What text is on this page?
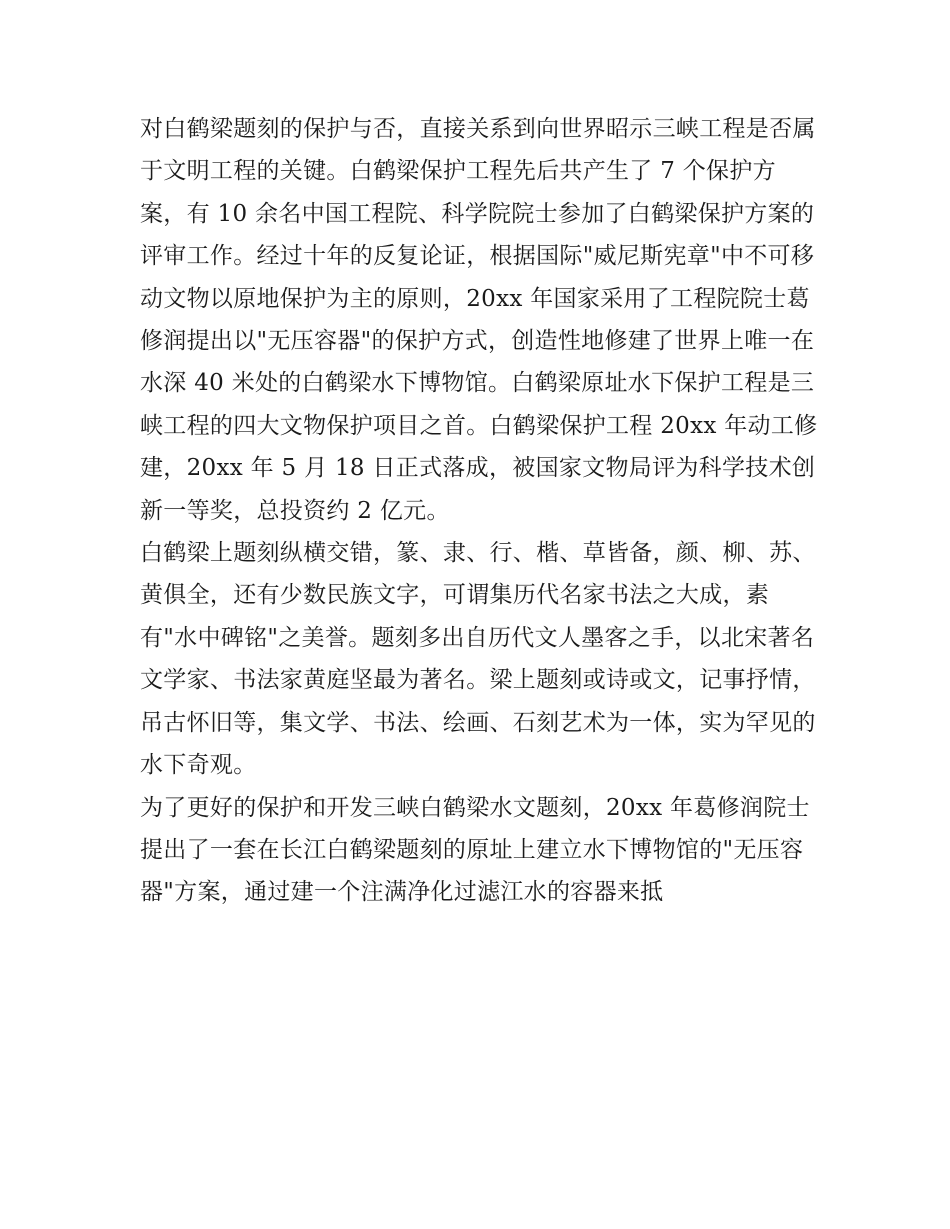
对白鹤梁题刻的保护与否，直接关系到向世界昭示三峡工程是否属于文明工程的关键。白鹤梁保护工程先后共产生了 7 个保护方案，有 10 余名中国工程院、科学院院士参加了白鹤梁保护方案的评审工作。经过十年的反复论证，根据国际"威尼斯宪章"中不可移动文物以原地保护为主的原则，20xx 年国家采用了工程院院士葛修润提出以"无压容器"的保护方式，创造性地修建了世界上唯一在水深 40 米处的白鹤梁水下博物馆。白鹤梁原址水下保护工程是三峡工程的四大文物保护项目之首。白鹤梁保护工程 20xx 年动工修建，20xx 年 5 月 18 日正式落成，被国家文物局评为科学技术创新一等奖，总投资约 2 亿元。

白鹤梁上题刻纵横交错，篆、隶、行、楷、草皆备，颜、柳、苏、黄俱全，还有少数民族文字，可谓集历代名家书法之大成，素有"水中碑铭"之美誉。题刻多出自历代文人墨客之手，以北宋著名文学家、书法家黄庭坚最为著名。梁上题刻或诗或文，记事抒情，吊古怀旧等，集文学、书法、绘画、石刻艺术为一体，实为罕见的水下奇观。

为了更好的保护和开发三峡白鹤梁水文题刻，20xx 年葛修润院士提出了一套在长江白鹤梁题刻的原址上建立水下博物馆的"无压容器"方案，通过建一个注满净化过滤江水的容器来抵
